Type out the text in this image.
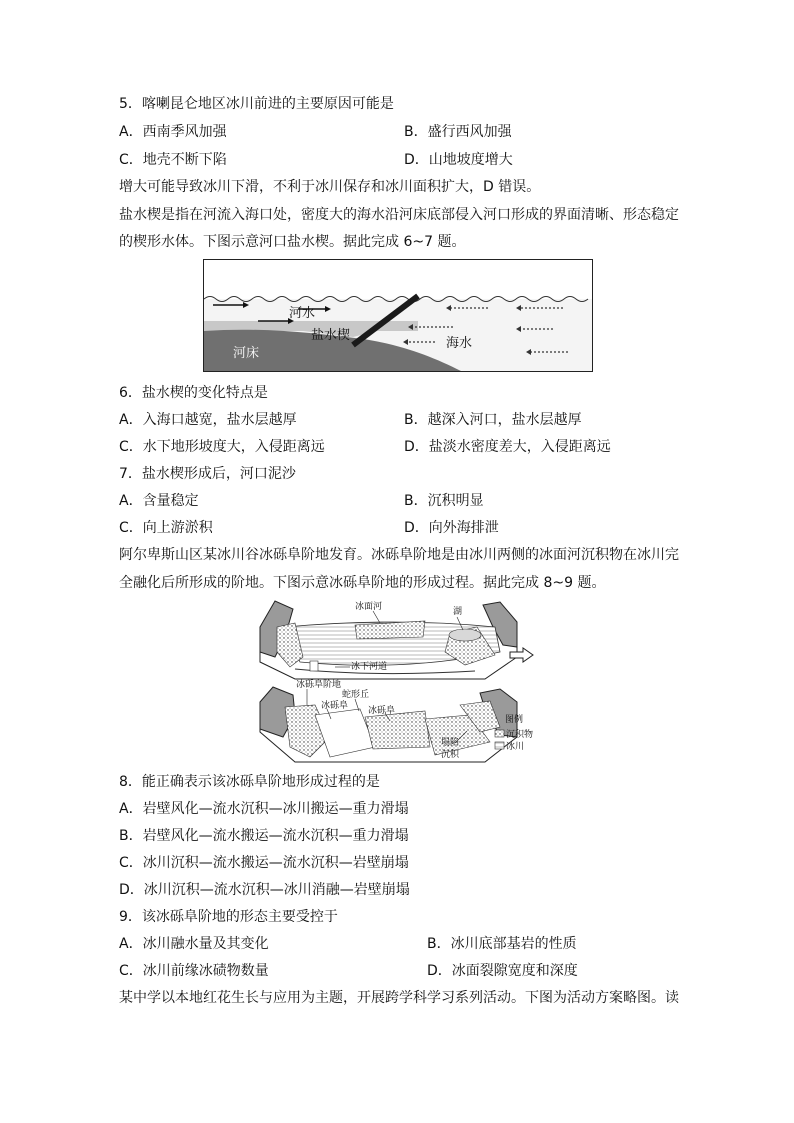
5．喀喇昆仑地区冰川前进的主要原因可能是
A．西南季风加强	B．盛行西风加强
C．地壳不断下陷	D．山地坡度增大
增大可能导致冰川下滑，不利于冰川保存和冰川面积扩大，D 错误。
盐水楔是指在河流入海口处，密度大的海水沿河床底部侵入河口形成的界面清晰、形态稳定
的楔形水体。下图示意河口盐水楔。据此完成 6~7 题。
河水
盐水楔
海水
河床
6．盐水楔的变化特点是
A．入海口越宽，盐水层越厚	B．越深入河口，盐水层越厚
C．水下地形坡度大，入侵距离远	D．盐淡水密度差大，入侵距离远
7．盐水楔形成后，河口泥沙
A．含量稳定	B．沉积明显
C．向上游淤积	D．向外海排泄
阿尔卑斯山区某冰川谷冰砾阜阶地发育。冰砾阜阶地是由冰川两侧的冰面河沉积物在冰川完
全融化后所形成的阶地。下图示意冰砾阜阶地的形成过程。据此完成 8~9 题。
冰面河	湖
冰下河道
冰砾阜阶地
蛇形丘
冰砾阜 冰砾阜
塌陷
沉积
图例
沉积物
冰川
8．能正确表示该冰砾阜阶地形成过程的是
A．岩壁风化—流水沉积—冰川搬运—重力滑塌
B．岩壁风化—流水搬运—流水沉积—重力滑塌
C．冰川沉积—流水搬运—流水沉积—岩壁崩塌
D．冰川沉积—流水沉积—冰川消融—岩壁崩塌
9．该冰砾阜阶地的形态主要受控于
A．冰川融水量及其变化	B．冰川底部基岩的性质
C．冰川前缘冰碛物数量	D．冰面裂隙宽度和深度
某中学以本地红花生长与应用为主题，开展跨学科学习系列活动。下图为活动方案略图。读
